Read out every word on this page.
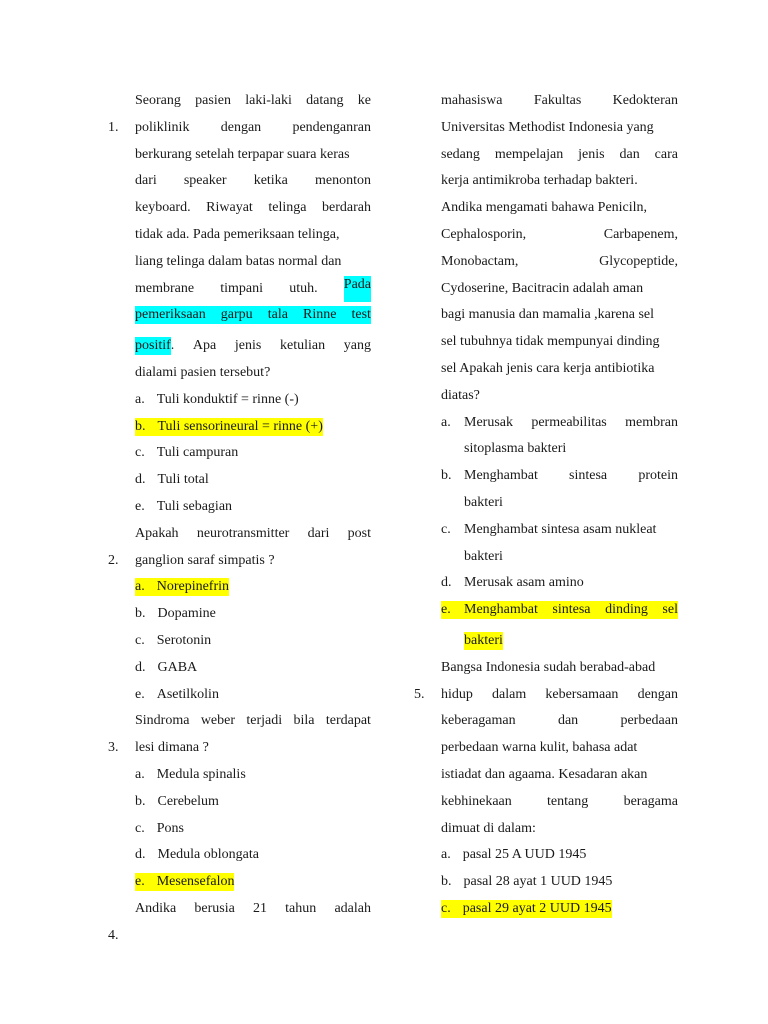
Seorang pasien laki-laki datang ke
1. poliklinik dengan pendenganran
berkurang setelah terpapar suara keras
dari speaker ketika menonton
keyboard. Riwayat telinga berdarah
tidak ada. Pada pemeriksaan telinga,
liang telinga dalam batas normal dan
membrane timpani utuh. Pada
pemeriksaan garpu tala Rinne test
positif. Apa jenis ketulian yang
dialami pasien tersebut?
a. Tuli konduktif = rinne (-)
b. Tuli sensorineural = rinne (+)
c. Tuli campuran
d. Tuli total
e. Tuli sebagian
Apakah neurotransmitter dari post
2.	ganglion saraf simpatis ?
a. Norepinefrin
b. Dopamine
c. Serotonin
d. GABA
e. Asetilkolin
Sindroma weber terjadi bila terdapat
3.	lesi dimana ?
a. Medula spinalis
b. Cerebelum
c. Pons
d. Medula oblongata
e. Mesensefalon
Andika berusia 21 tahun adalah
4.
mahasiswa Fakultas Kedokteran
Universitas Methodist Indonesia yang
sedang mempelajan jenis dan cara
kerja antimikroba terhadap bakteri.
Andika mengamati bahawa Peniciln,
Cephalosporin,	Carbapenem,
Monobactam,	Glycopeptide,
Cydoserine, Bacitracin adalah aman
bagi manusia dan mamalia ,karena sel
sel tubuhnya tidak mempunyai dinding
sel Apakah jenis cara kerja antibiotika
diatas?
a. Merusak permeabilitas membran
sitoplasma bakteri
b. Menghambat sintesa protein
bakteri
c. Menghambat sintesa asam nukleat
bakteri
d. Merusak asam amino
e. Menghambat sintesa dinding sel
bakteri
Bangsa Indonesia sudah berabad-abad
5. hidup dalam kebersamaan dengan
keberagaman	dan	perbedaan
perbedaan warna kulit, bahasa adat
istiadat dan agaama. Kesadaran akan
kebhinekaan	tentang	beragama
dimuat di dalam:
a. pasal 25 A UUD 1945
b. pasal 28 ayat 1 UUD 1945
c. pasal 29 ayat 2 UUD 1945
